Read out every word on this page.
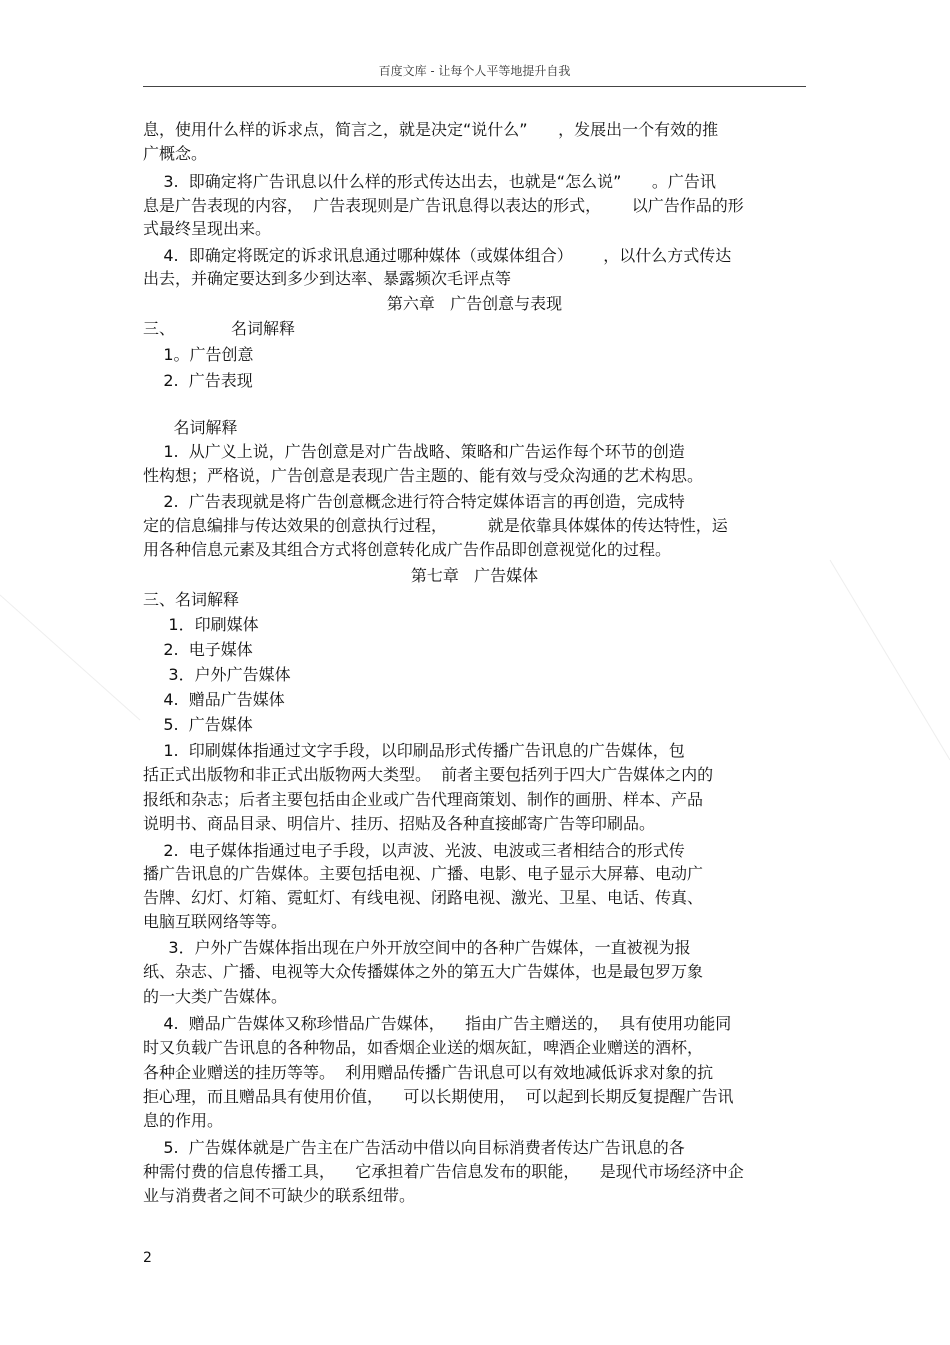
百度文库 - 让每个人平等地提升自我
息，使用什么样的诉求点，简言之，就是决定“说什么”      ，发展出一个有效的推
广概念。
3.  即确定将广告讯息以什么样的形式传达出去，也就是“怎么说”      。广告讯
息是广告表现的内容，  广告表现则是广告讯息得以表达的形式，      以广告作品的形
式最终呈现出来。
4.  即确定将既定的诉求讯息通过哪种媒体（或媒体组合）      ，以什么方式传达
出去，并确定要达到多少到达率、暴露频次毛评点等
第六章   广告创意与表现
三、           名词解释
1。广告创意
2.  广告表现
名词解释
1.  从广义上说，广告创意是对广告战略、策略和广告运作每个环节的创造
性构想；严格说，广告创意是表现广告主题的、能有效与受众沟通的艺术构思。
2.  广告表现就是将广告创意概念进行符合特定媒体语言的再创造，完成特
定的信息编排与传达效果的创意执行过程，        就是依靠具体媒体的传达特性，运
用各种信息元素及其组合方式将创意转化成广告作品即创意视觉化的过程。
第七章   广告媒体
三、名词解释
1．印刷媒体
2.  电子媒体
3．户外广告媒体
4.  赠品广告媒体
5.  广告媒体
1.  印刷媒体指通过文字手段，以印刷品形式传播广告讯息的广告媒体，包
括正式出版物和非正式出版物两大类型。  前者主要包括列于四大广告媒体之内的
报纸和杂志；后者主要包括由企业或广告代理商策划、制作的画册、样本、产品
说明书、商品目录、明信片、挂历、招贴及各种直接邮寄广告等印刷品。
2.  电子媒体指通过电子手段，以声波、光波、电波或三者相结合的形式传
播广告讯息的广告媒体。主要包括电视、广播、电影、电子显示大屏幕、电动广
告牌、幻灯、灯箱、霓虹灯、有线电视、闭路电视、激光、卫星、电话、传真、
电脑互联网络等等。
3．户外广告媒体指出现在户外开放空间中的各种广告媒体，一直被视为报
纸、杂志、广播、电视等大众传播媒体之外的第五大广告媒体，也是最包罗万象
的一大类广告媒体。
4.  赠品广告媒体又称珍惜品广告媒体，    指由广告主赠送的，  具有使用功能同
时又负载广告讯息的各种物品，如香烟企业送的烟灰缸，啤酒企业赠送的酒杯，
各种企业赠送的挂历等等。  利用赠品传播广告讯息可以有效地减低诉求对象的抗
拒心理，而且赠品具有使用价值，    可以长期使用，  可以起到长期反复提醒广告讯
息的作用。
5.  广告媒体就是广告主在广告活动中借以向目标消费者传达广告讯息的各
种需付费的信息传播工具，    它承担着广告信息发布的职能，    是现代市场经济中企
业与消费者之间不可缺少的联系纽带。
2
